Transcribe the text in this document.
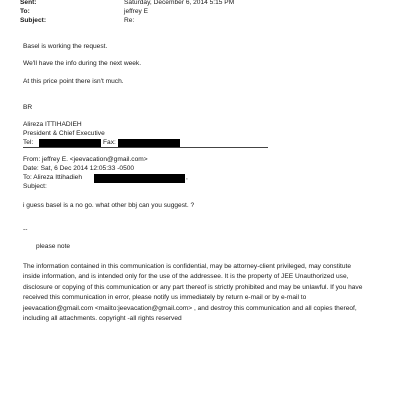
Sent:	Saturday, December 6, 2014 5:15 PM
To:	jeffrey E
Subject:	Re:
Basel is working the request.
We'll have the info during the next week.
At this price point there isn't much.
BR
Alireza ITTIHADIEH
President & Chief Executive
Tel:	Fax:
From: jeffrey E. <jeevacation@gmail.com>
Date: Sat, 6 Dec 2014 12:05:33 -0500
To: Alireza Ittihadieh	,
Subject:
i guess basel is a no go. what other bbj can you suggest. ?
--
please note
The information contained in this communication is confidential, may be attorney-client privileged, may constitute
inside information, and is intended only for the use of the addressee. It is the property of JEE Unauthorized use,
disclosure or copying of this communication or any part thereof is strictly prohibited and may be unlawful. If you have
received this communication in error, please notify us immediately by return e-mail or by e-mail to
jeevacation@gmail.com <mailto:jeevacation@gmail.com> , and destroy this communication and all copies thereof,
including all attachments. copyright -all rights reserved
